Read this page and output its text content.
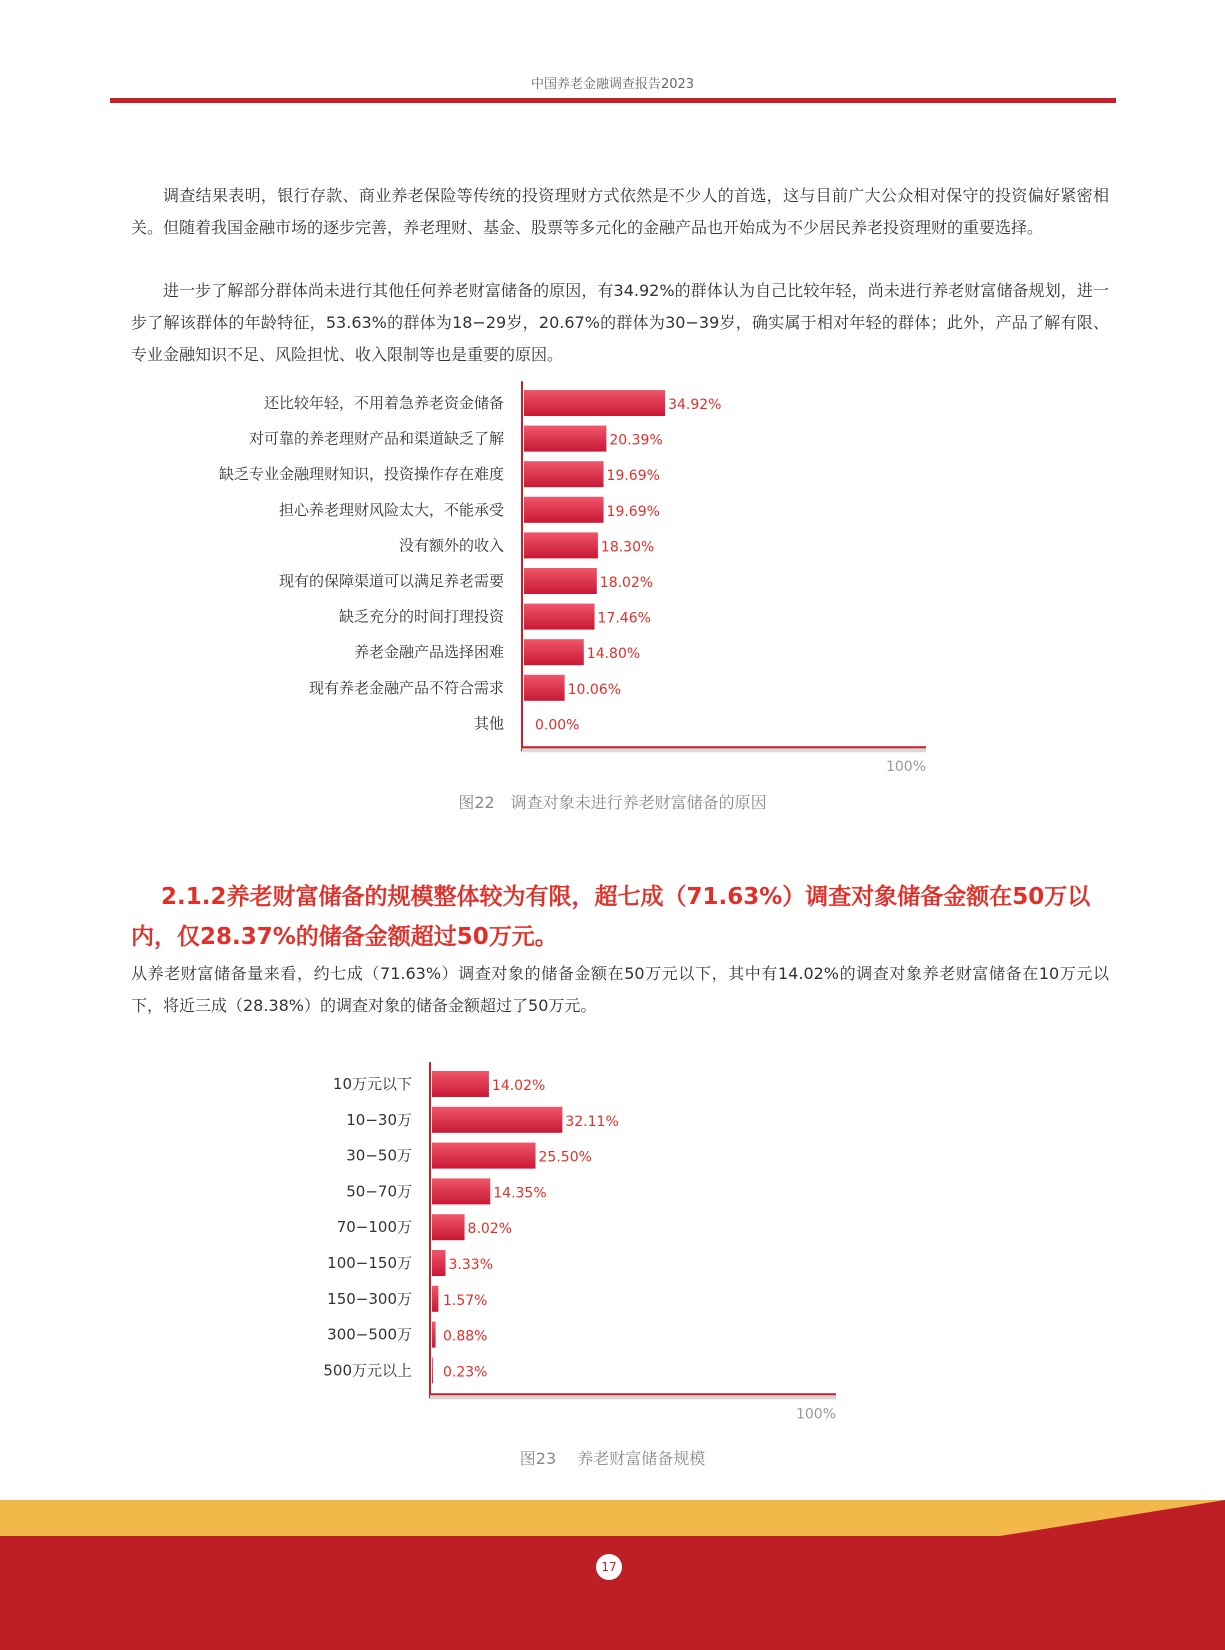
中国养老金融调查报告2023

调查结果表明，银行存款、商业养老保险等传统的投资理财方式依然是不少人的首选，这与目前广大公众相对保守的投资偏好紧密相关。但随着我国金融市场的逐步完善，养老理财、基金、股票等多元化的金融产品也开始成为不少居民养老投资理财的重要选择。

进一步了解部分群体尚未进行其他任何养老财富储备的原因，有34.92%的群体认为自己比较年轻，尚未进行养老财富储备规划，进一步了解该群体的年龄特征，53.63%的群体为18−29岁，20.67%的群体为30−39岁，确实属于相对年轻的群体；此外，产品了解有限、专业金融知识不足、风险担忧、收入限制等也是重要的原因。

还比较年轻，不用着急养老资金储备	34.92%
对可靠的养老理财产品和渠道缺乏了解	20.39%
缺乏专业金融理财知识，投资操作存在难度	19.69%
担心养老理财风险太大，不能承受	19.69%
没有额外的收入	18.30%
现有的保障渠道可以满足养老需要	18.02%
缺乏充分的时间打理投资	17.46%
养老金融产品选择困难	14.80%
现有养老金融产品不符合需求	10.06%
其他 0.00%
100%
图22　调查对象未进行养老财富储备的原因
2.1.2养老财富储备的规模整体较为有限，超七成（71.63%）调查对象储备金额在50万以内，仅28.37%的储备金额超过50万元。

从养老财富储备量来看，约七成（71.63%）调查对象的储备金额在50万元以下，其中有14.02%的调查对象养老财富储备在10万元以下，将近三成（28.38%）的调查对象的储备金额超过了50万元。

10万元以下	14.02%
10−30万	32.11%
30−50万	25.50%
50−70万	14.35%
70−100万	8.02%
100−150万	3.33%
150−300万 1.57%
300−500万 0.88%
500万元以上 0.23%
100%
图23　 养老财富储备规模
17
